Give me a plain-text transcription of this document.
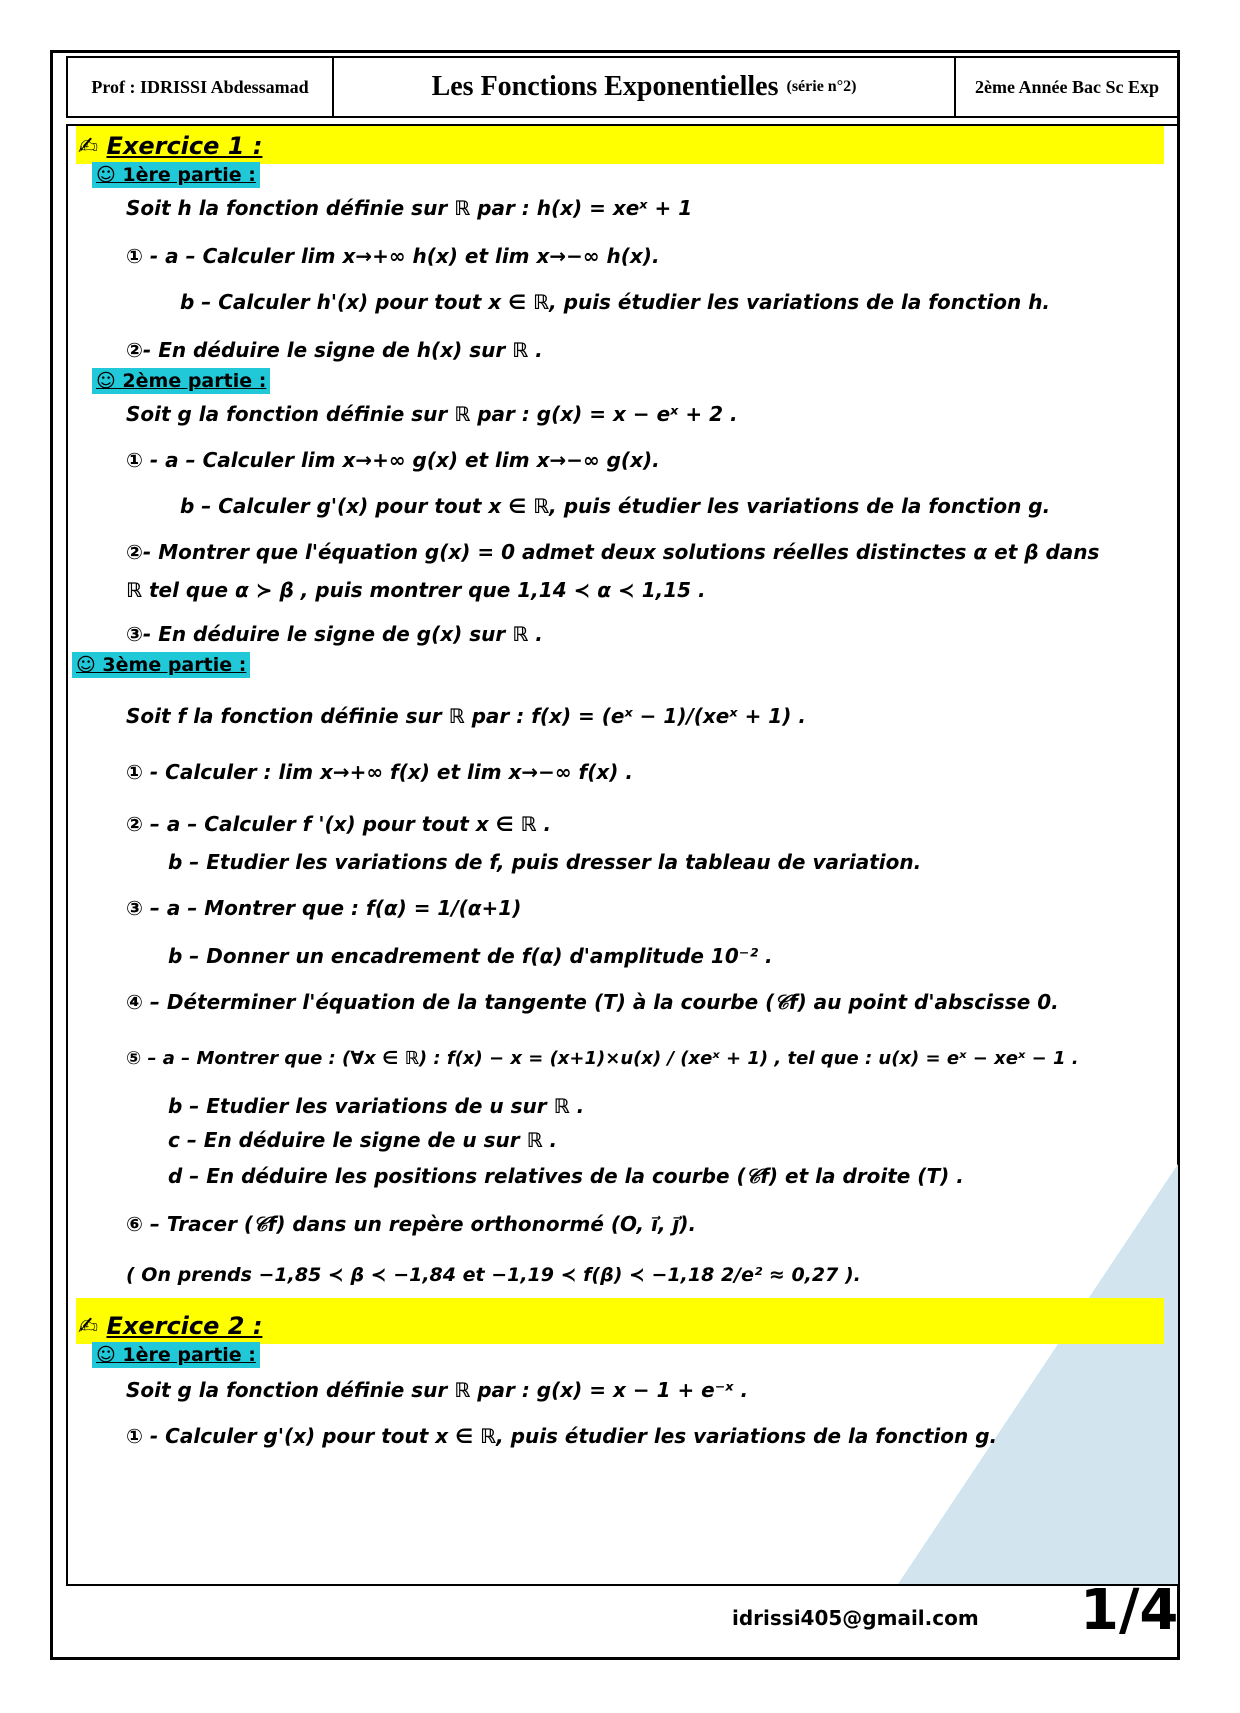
Prof : IDRISSI Abdessamad	Les Fonctions Exponentielles (série n°2)	2ème Année Bac Sc Exp
✍ Exercice 1 :
☺ 1ère partie :
Soit h la fonction définie sur ℝ par : h(x) = xeˣ + 1
① - a – Calculer lim x→+∞ h(x) et lim x→−∞ h(x).
b – Calculer h'(x) pour tout x ∈ ℝ, puis étudier les variations de la fonction h.
②- En déduire le signe de h(x) sur ℝ .
☺ 2ème partie :
Soit g la fonction définie sur ℝ par : g(x) = x − eˣ + 2 .
① - a – Calculer lim x→+∞ g(x) et lim x→−∞ g(x).
b – Calculer g'(x) pour tout x ∈ ℝ, puis étudier les variations de la fonction g.
②- Montrer que l'équation g(x) = 0 admet deux solutions réelles distinctes α et β dans
ℝ tel que α ≻ β , puis montrer que 1,14 ≺ α ≺ 1,15 .
③- En déduire le signe de g(x) sur ℝ .
☺ 3ème partie :
Soit f la fonction définie sur ℝ par : f(x) = (eˣ − 1)/(xeˣ + 1) .
① - Calculer : lim x→+∞ f(x) et lim x→−∞ f(x) .
② – a – Calculer f '(x) pour tout x ∈ ℝ .
b – Etudier les variations de f, puis dresser la tableau de variation.
③ – a – Montrer que : f(α) = 1/(α+1)
b – Donner un encadrement de f(α) d'amplitude 10⁻² .
④ – Déterminer l'équation de la tangente (T) à la courbe (𝒞f) au point d'abscisse 0.
⑤ – a – Montrer que : (∀x ∈ ℝ) : f(x) − x = (x+1)×u(x) / (xeˣ + 1) , tel que : u(x) = eˣ − xeˣ − 1 .
b – Etudier les variations de u sur ℝ .
c – En déduire le signe de u sur ℝ .
d – En déduire les positions relatives de la courbe (𝒞f) et la droite (T) .
⑥ – Tracer (𝒞f) dans un repère orthonormé (O, i⃗, j⃗).
( On prends −1,85 ≺ β ≺ −1,84 et −1,19 ≺ f(β) ≺ −1,18 2/e² ≈ 0,27 ).
✍ Exercice 2 :
☺ 1ère partie :
Soit g la fonction définie sur ℝ par : g(x) = x − 1 + e⁻ˣ .
① - Calculer g'(x) pour tout x ∈ ℝ, puis étudier les variations de la fonction g.
idrissi405@gmail.com 1/4
